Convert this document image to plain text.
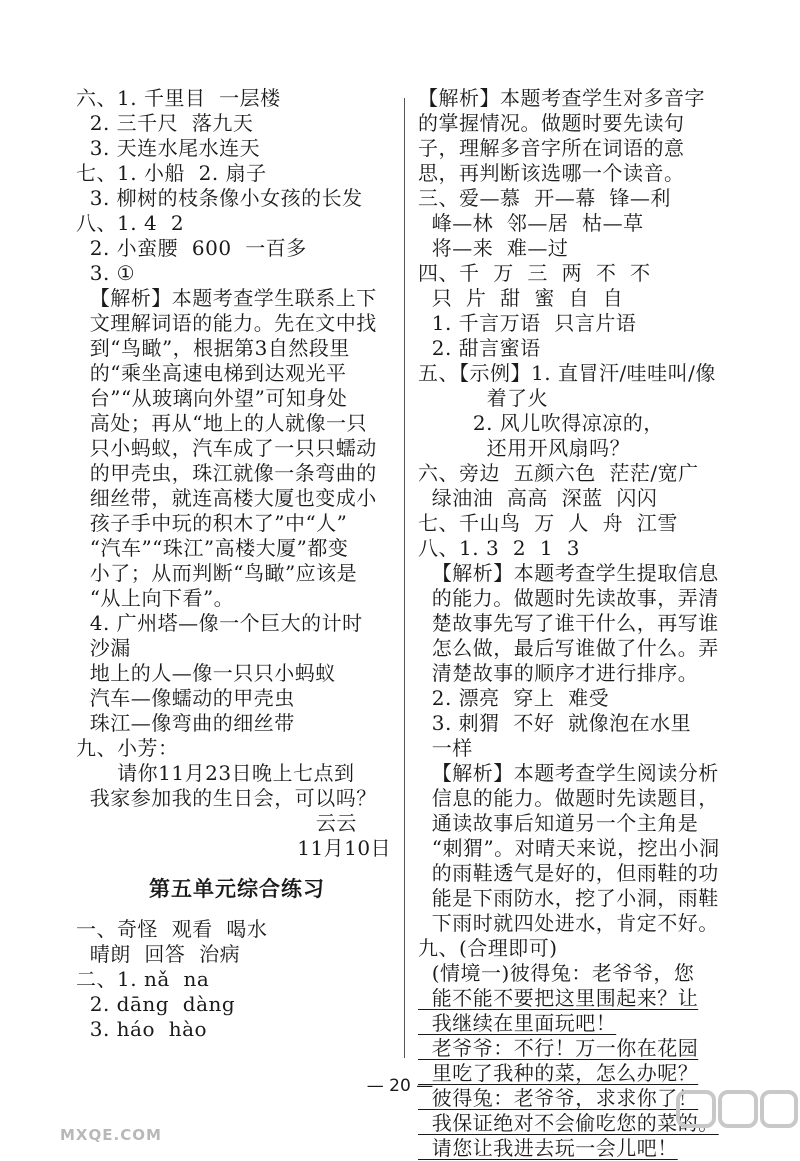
六、1. 千里目  一层楼
2. 三千尺  落九天
3. 天连水尾水连天
七、1. 小船  2. 扇子
3. 柳树的枝条像小女孩的长发
八、1. 4  2
2. 小蛮腰  600  一百多
3. ①
【解析】本题考查学生联系上下
文理解词语的能力。先在文中找
到“鸟瞰”，根据第3自然段里
的“乘坐高速电梯到达观光平
台”“从玻璃向外望”可知身处
高处；再从“地上的人就像一只
只小蚂蚁，汽车成了一只只蠕动
的甲壳虫，珠江就像一条弯曲的
细丝带，就连高楼大厦也变成小
孩子手中玩的积木了”中“人”
“汽车”“珠江”高楼大厦”都变
小了；从而判断“鸟瞰”应该是
“从上向下看”。
4. 广州塔—像一个巨大的计时
沙漏
地上的人—像一只只小蚂蚁
汽车—像蠕动的甲壳虫
珠江—像弯曲的细丝带
九、小芳：
请你11月23日晚上七点到
我家参加我的生日会，可以吗？
云云
11月10日
第五单元综合练习
一、奇怪  观看  喝水
晴朗  回答  治病
二、1. nǎ  na
2. dāng  dàng
3. háo  hào
【解析】本题考查学生对多音字
的掌握情况。做题时要先读句
子，理解多音字所在词语的意
思，再判断该选哪一个读音。
三、爱—慕  开—幕  锋—利
峰—林  邻—居  枯—草
将—来  难—过
四、千  万  三  两  不  不
只  片  甜  蜜  自  自
1. 千言万语  只言片语
2. 甜言蜜语
五、【示例】1. 直冒汗/哇哇叫/像
着了火
2. 风儿吹得凉凉的，
还用开风扇吗？
六、旁边  五颜六色  茫茫/宽广
绿油油  高高  深蓝  闪闪
七、千山鸟  万  人  舟  江雪
八、1. 3  2  1  3
【解析】本题考查学生提取信息
的能力。做题时先读故事，弄清
楚故事先写了谁干什么，再写谁
怎么做，最后写谁做了什么。弄
清楚故事的顺序才进行排序。
2. 漂亮  穿上  难受
3. 刺猬  不好  就像泡在水里
一样
【解析】本题考查学生阅读分析
信息的能力。做题时先读题目，
通读故事后知道另一个主角是
“刺猬”。对晴天来说，挖出小洞
的雨鞋透气是好的，但雨鞋的功
能是下雨防水，挖了小洞，雨鞋
下雨时就四处进水，肯定不好。
九、(合理即可)
(情境一)彼得兔：老爷爷，您
能不能不要把这里围起来？让
我继续在里面玩吧！
老爷爷：不行！万一你在花园
里吃了我种的菜，怎么办呢？
彼得兔：老爷爷，求求你了！
我保证绝对不会偷吃您的菜的。
请您让我进去玩一会儿吧！
— 20 —
MXQE.COM
